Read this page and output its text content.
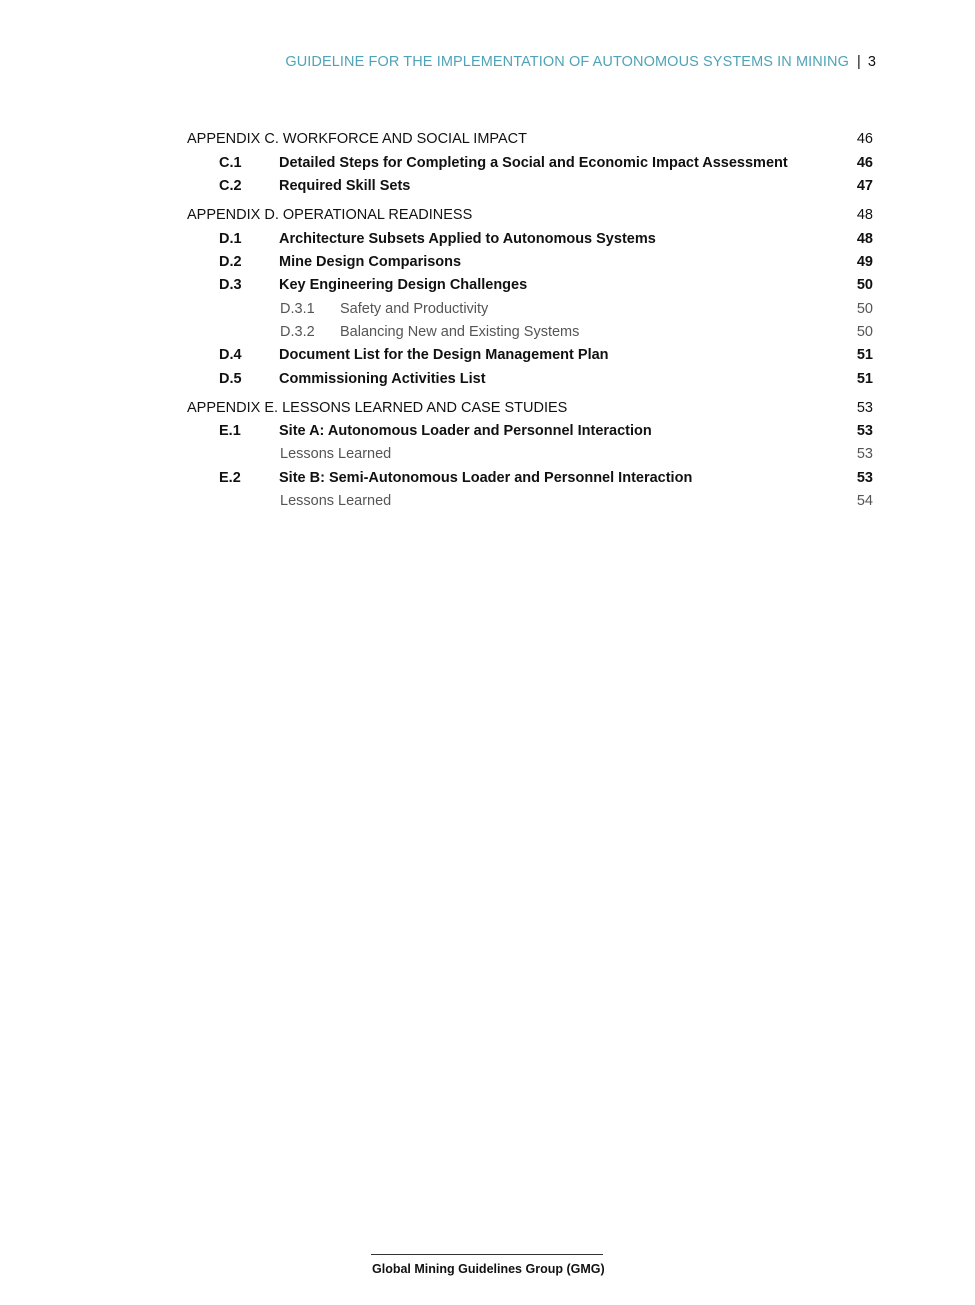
GUIDELINE FOR THE IMPLEMENTATION OF AUTONOMOUS SYSTEMS IN MINING | 3
APPENDIX C. WORKFORCE AND SOCIAL IMPACT	46
C.1	Detailed Steps for Completing a Social and Economic Impact Assessment	46
C.2	Required Skill Sets	47
APPENDIX D. OPERATIONAL READINESS	48
D.1	Architecture Subsets Applied to Autonomous Systems	48
D.2	Mine Design Comparisons	49
D.3	Key Engineering Design Challenges	50
D.3.1 Safety and Productivity	50
D.3.2 Balancing New and Existing Systems	50
D.4	Document List for the Design Management Plan	51
D.5	Commissioning Activities List	51
APPENDIX E. LESSONS LEARNED AND CASE STUDIES	53
E.1	Site A: Autonomous Loader and Personnel Interaction	53
Lessons Learned	53
E.2	Site B: Semi-Autonomous Loader and Personnel Interaction	53
Lessons Learned	54
Global Mining Guidelines Group (GMG)
